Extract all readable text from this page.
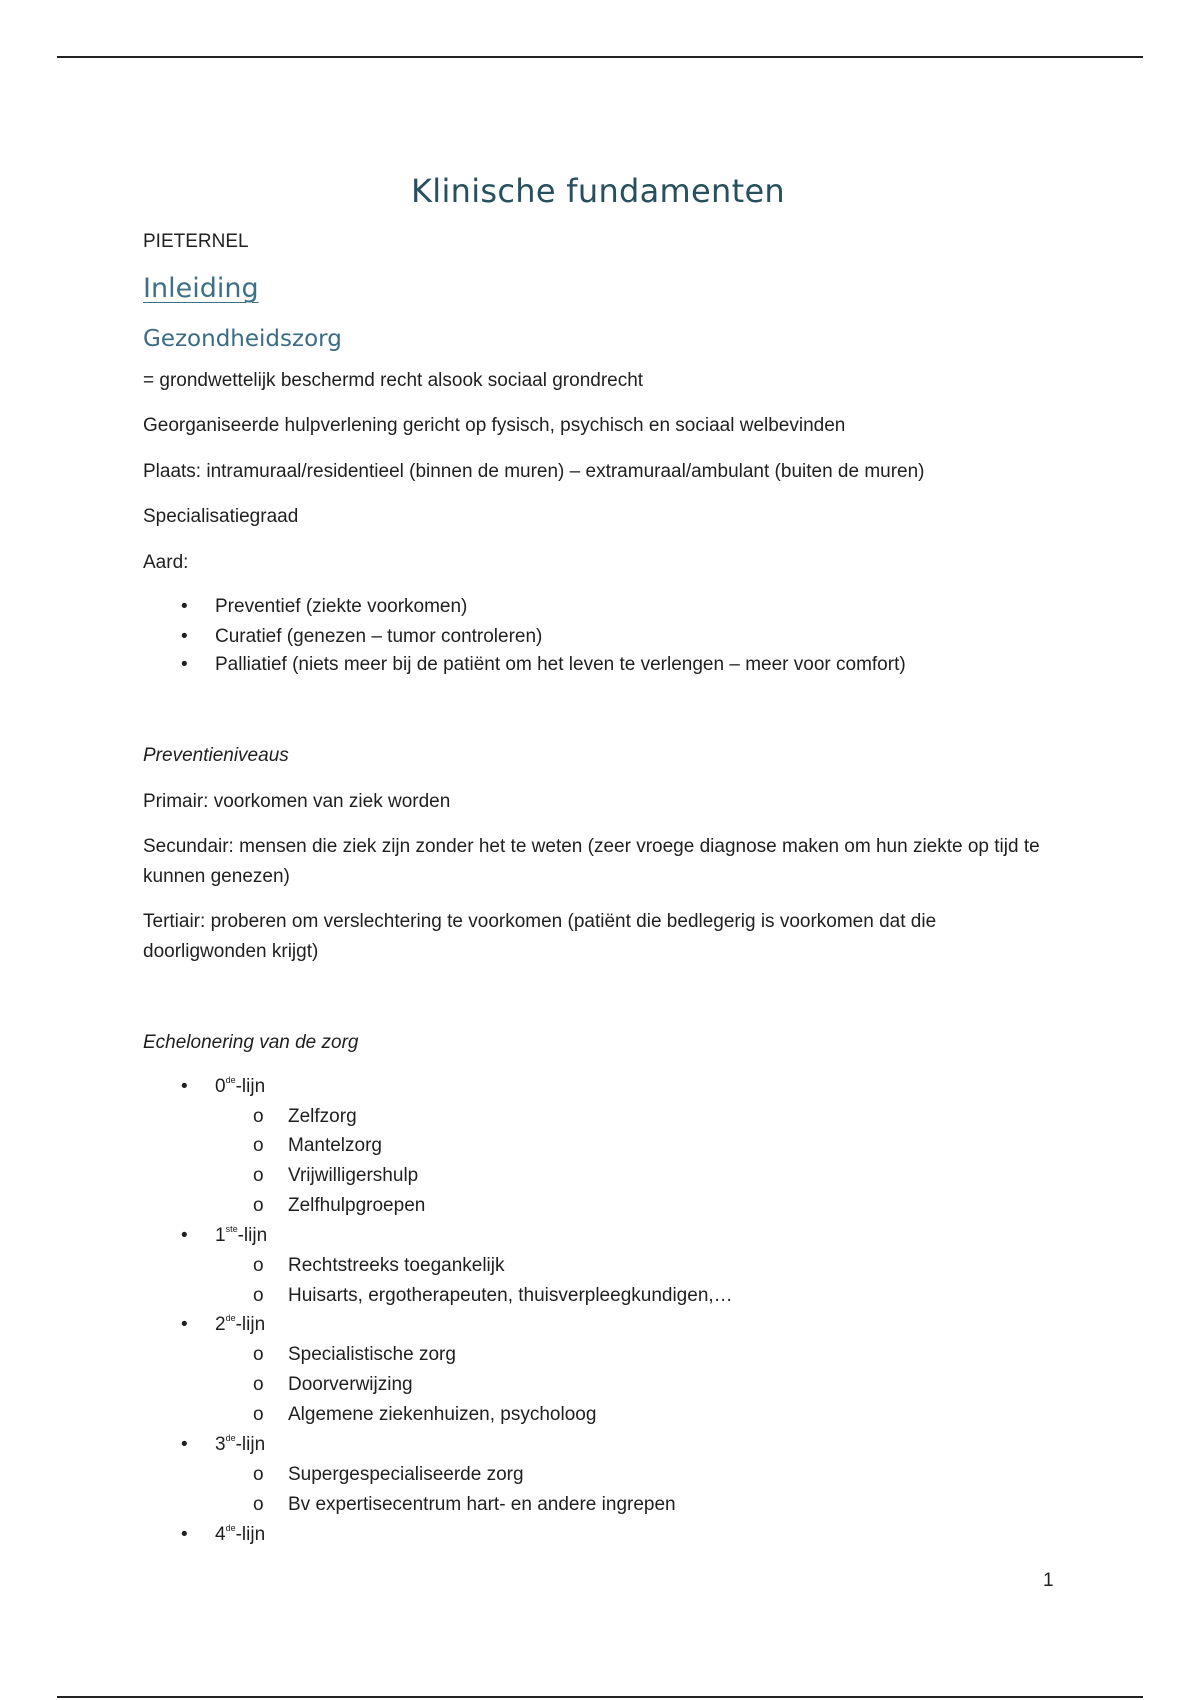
Klinische fundamenten
PIETERNEL
Inleiding
Gezondheidszorg
= grondwettelijk beschermd recht alsook sociaal grondrecht
Georganiseerde hulpverlening gericht op fysisch, psychisch en sociaal welbevinden
Plaats: intramuraal/residentieel (binnen de muren) – extramuraal/ambulant (buiten de muren)
Specialisatiegraad
Aard:
• Preventief (ziekte voorkomen)
• Curatief (genezen – tumor controleren)
• Palliatief (niets meer bij de patiënt om het leven te verlengen – meer voor comfort)
Preventieniveaus
Primair: voorkomen van ziek worden
Secundair: mensen die ziek zijn zonder het te weten (zeer vroege diagnose maken om hun ziekte op tijd te kunnen genezen)
Tertiair: proberen om verslechtering te voorkomen (patiënt die bedlegerig is voorkomen dat die doorligwonden krijgt)
Echelonering van de zorg
• 0de-lijn
o Zelfzorg
o Mantelzorg
o Vrijwilligershulp
o Zelfhulpgroepen
• 1ste-lijn
o Rechtstreeks toegankelijk
o Huisarts, ergotherapeuten, thuisverpleegkundigen,…
• 2de-lijn
o Specialistische zorg
o Doorverwijzing
o Algemene ziekenhuizen, psycholoog
• 3de-lijn
o Supergespecialiseerde zorg
o Bv expertisecentrum hart- en andere ingrepen
• 4de-lijn
1
